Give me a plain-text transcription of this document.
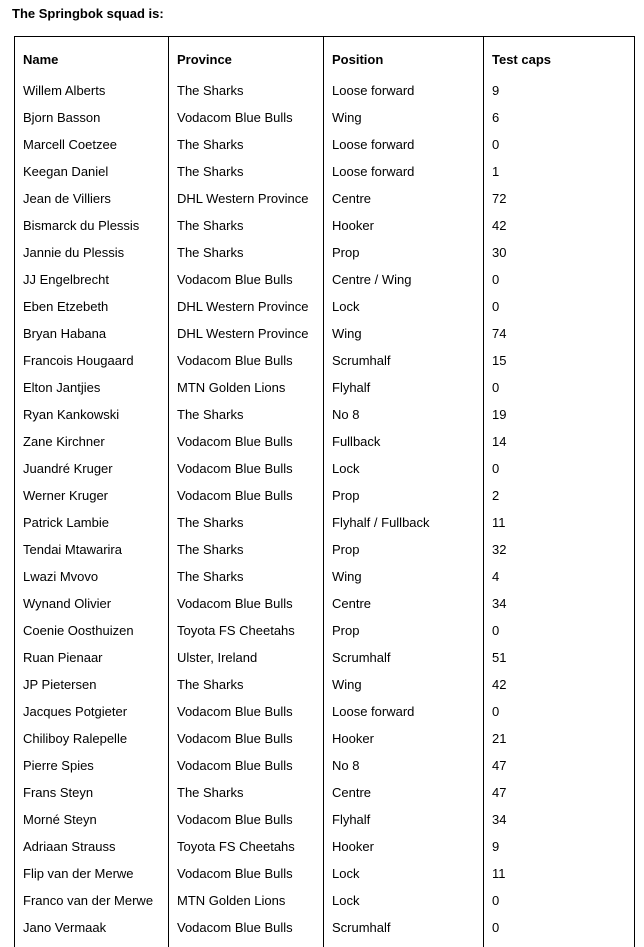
The Springbok squad is:

Name	Province	Position	Test caps
Willem Alberts	The Sharks	Loose forward	9
Bjorn Basson	Vodacom Blue Bulls	Wing	6
Marcell Coetzee	The Sharks	Loose forward	0
Keegan Daniel	The Sharks	Loose forward	1
Jean de Villiers	DHL Western Province	Centre	72
Bismarck du Plessis	The Sharks	Hooker	42
Jannie du Plessis	The Sharks	Prop	30
JJ Engelbrecht	Vodacom Blue Bulls	Centre / Wing	0
Eben Etzebeth	DHL Western Province	Lock	0
Bryan Habana	DHL Western Province	Wing	74
Francois Hougaard	Vodacom Blue Bulls	Scrumhalf	15
Elton Jantjies	MTN Golden Lions	Flyhalf	0
Ryan Kankowski	The Sharks	No 8	19
Zane Kirchner	Vodacom Blue Bulls	Fullback	14
Juandré Kruger	Vodacom Blue Bulls	Lock	0
Werner Kruger	Vodacom Blue Bulls	Prop	2
Patrick Lambie	The Sharks	Flyhalf / Fullback	11
Tendai Mtawarira	The Sharks	Prop	32
Lwazi Mvovo	The Sharks	Wing	4
Wynand Olivier	Vodacom Blue Bulls	Centre	34
Coenie Oosthuizen	Toyota FS Cheetahs	Prop	0
Ruan Pienaar	Ulster, Ireland	Scrumhalf	51
JP Pietersen	The Sharks	Wing	42
Jacques Potgieter	Vodacom Blue Bulls	Loose forward	0
Chiliboy Ralepelle	Vodacom Blue Bulls	Hooker	21
Pierre Spies	Vodacom Blue Bulls	No 8	47
Frans Steyn	The Sharks	Centre	47
Morné Steyn	Vodacom Blue Bulls	Flyhalf	34
Adriaan Strauss	Toyota FS Cheetahs	Hooker	9
Flip van der Merwe	Vodacom Blue Bulls	Lock	11
Franco van der Merwe	MTN Golden Lions	Lock	0
Jano Vermaak	Vodacom Blue Bulls	Scrumhalf	0
